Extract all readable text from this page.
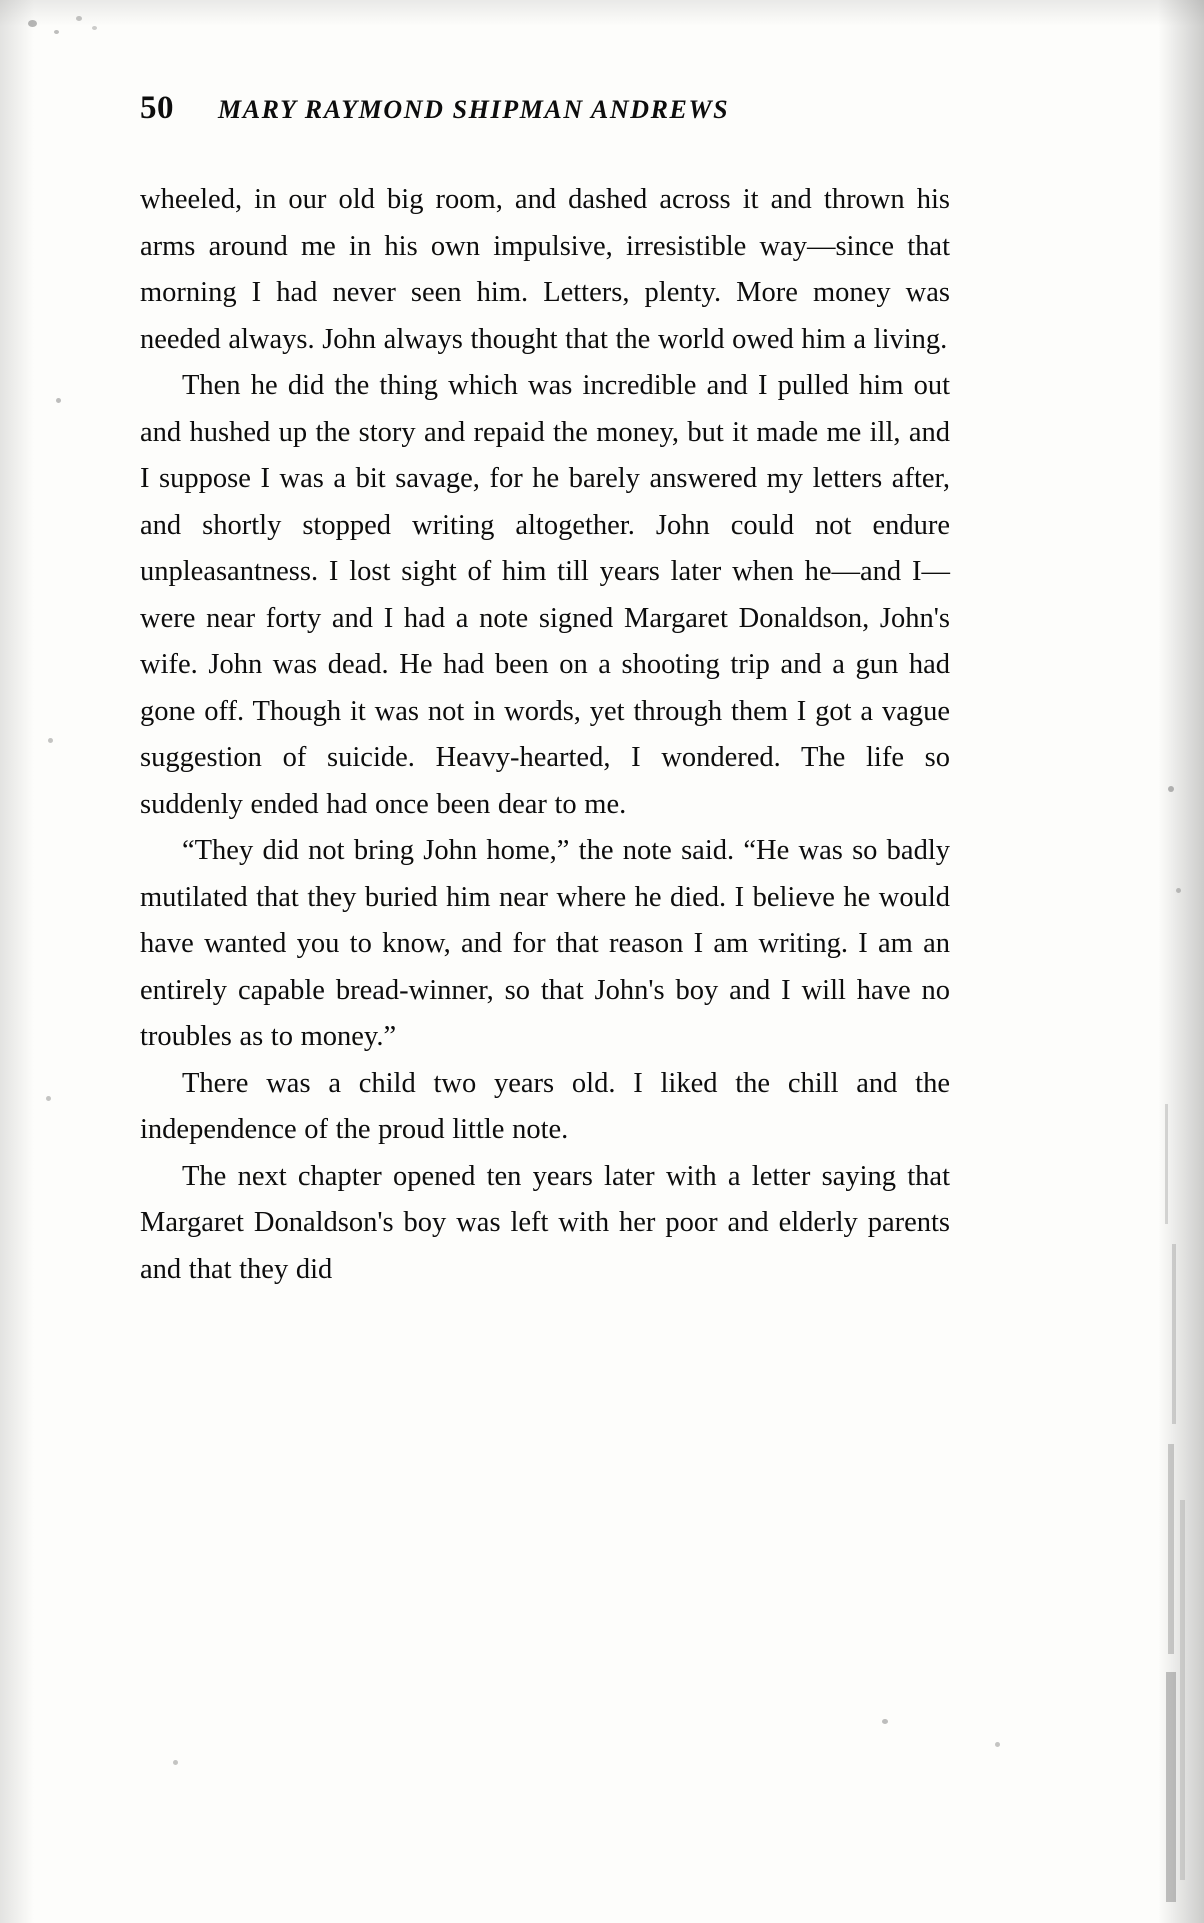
50 MARY RAYMOND SHIPMAN ANDREWS

wheeled, in our old big room, and dashed across it and thrown his arms around me in his own impulsive, irresistible way—since that morning I had never seen him. Letters, plenty. More money was needed always. John always thought that the world owed him a living.

Then he did the thing which was incredible and I pulled him out and hushed up the story and repaid the money, but it made me ill, and I suppose I was a bit savage, for he barely answered my letters after, and shortly stopped writing altogether. John could not endure unpleasantness. I lost sight of him till years later when he—and I—were near forty and I had a note signed Margaret Donaldson, John's wife. John was dead. He had been on a shooting trip and a gun had gone off. Though it was not in words, yet through them I got a vague suggestion of suicide. Heavy-hearted, I wondered. The life so suddenly ended had once been dear to me.

“They did not bring John home,” the note said. “He was so badly mutilated that they buried him near where he died. I believe he would have wanted you to know, and for that reason I am writing. I am an entirely capable bread-winner, so that John's boy and I will have no troubles as to money.”

There was a child two years old. I liked the chill and the independence of the proud little note.

The next chapter opened ten years later with a letter saying that Margaret Donaldson's boy was left with her poor and elderly parents and that they did
